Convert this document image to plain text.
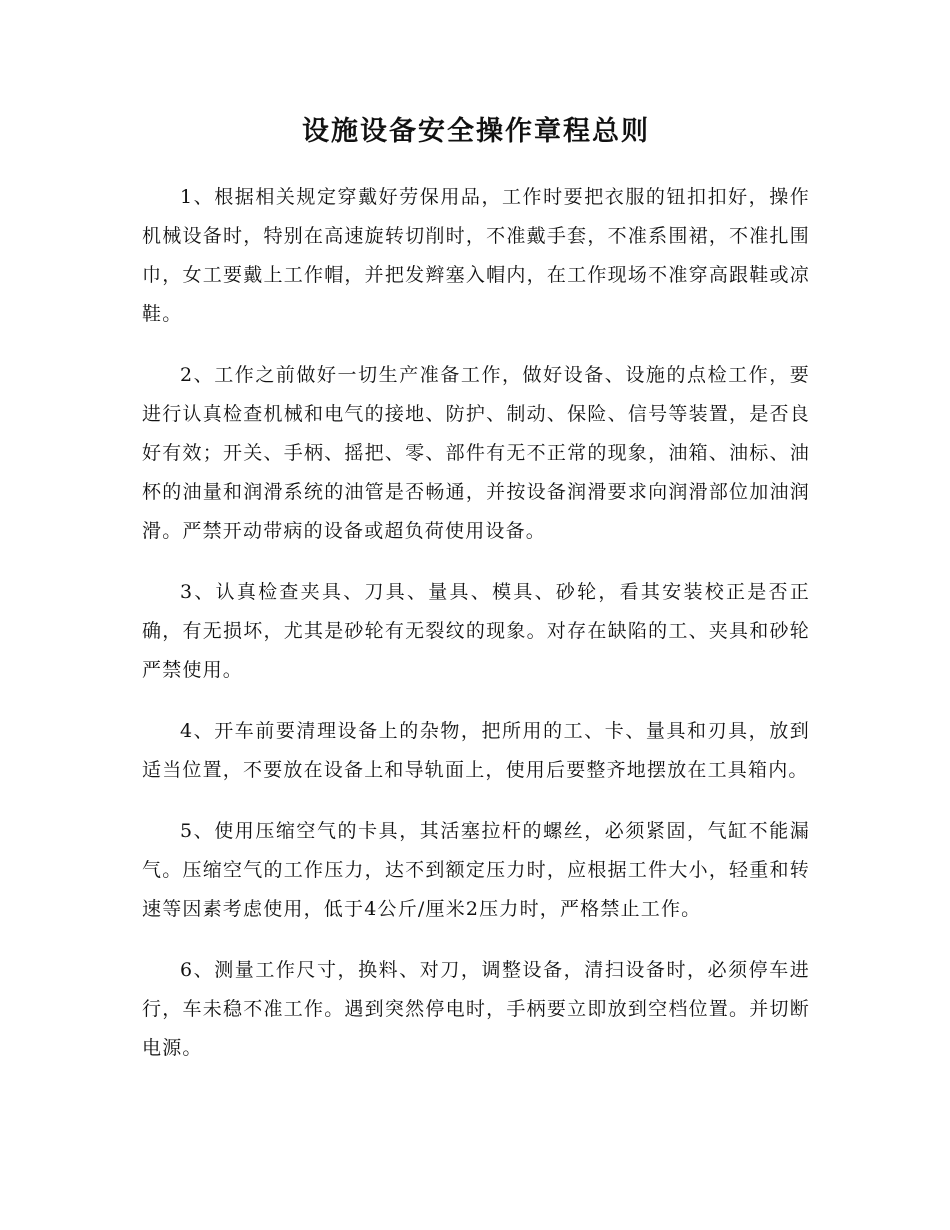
设施设备安全操作章程总则

1、根据相关规定穿戴好劳保用品，工作时要把衣服的钮扣扣好，操作机械设备时，特别在高速旋转切削时，不准戴手套，不准系围裙，不准扎围巾，女工要戴上工作帽，并把发辫塞入帽内，在工作现场不准穿高跟鞋或凉鞋。

2、工作之前做好一切生产准备工作，做好设备、设施的点检工作，要进行认真检查机械和电气的接地、防护、制动、保险、信号等装置，是否良好有效；开关、手柄、摇把、零、部件有无不正常的现象，油箱、油标、油杯的油量和润滑系统的油管是否畅通，并按设备润滑要求向润滑部位加油润滑。严禁开动带病的设备或超负荷使用设备。

3、认真检查夹具、刀具、量具、模具、砂轮，看其安装校正是否正确，有无损坏，尤其是砂轮有无裂纹的现象。对存在缺陷的工、夹具和砂轮严禁使用。

4、开车前要清理设备上的杂物，把所用的工、卡、量具和刃具，放到适当位置，不要放在设备上和导轨面上，使用后要整齐地摆放在工具箱内。

5、使用压缩空气的卡具，其活塞拉杆的螺丝，必须紧固，气缸不能漏气。压缩空气的工作压力，达不到额定压力时，应根据工件大小，轻重和转速等因素考虑使用，低于4公斤/厘米2压力时，严格禁止工作。

6、测量工作尺寸，换料、对刀，调整设备，清扫设备时，必须停车进行，车未稳不准工作。遇到突然停电时，手柄要立即放到空档位置。并切断电源。
